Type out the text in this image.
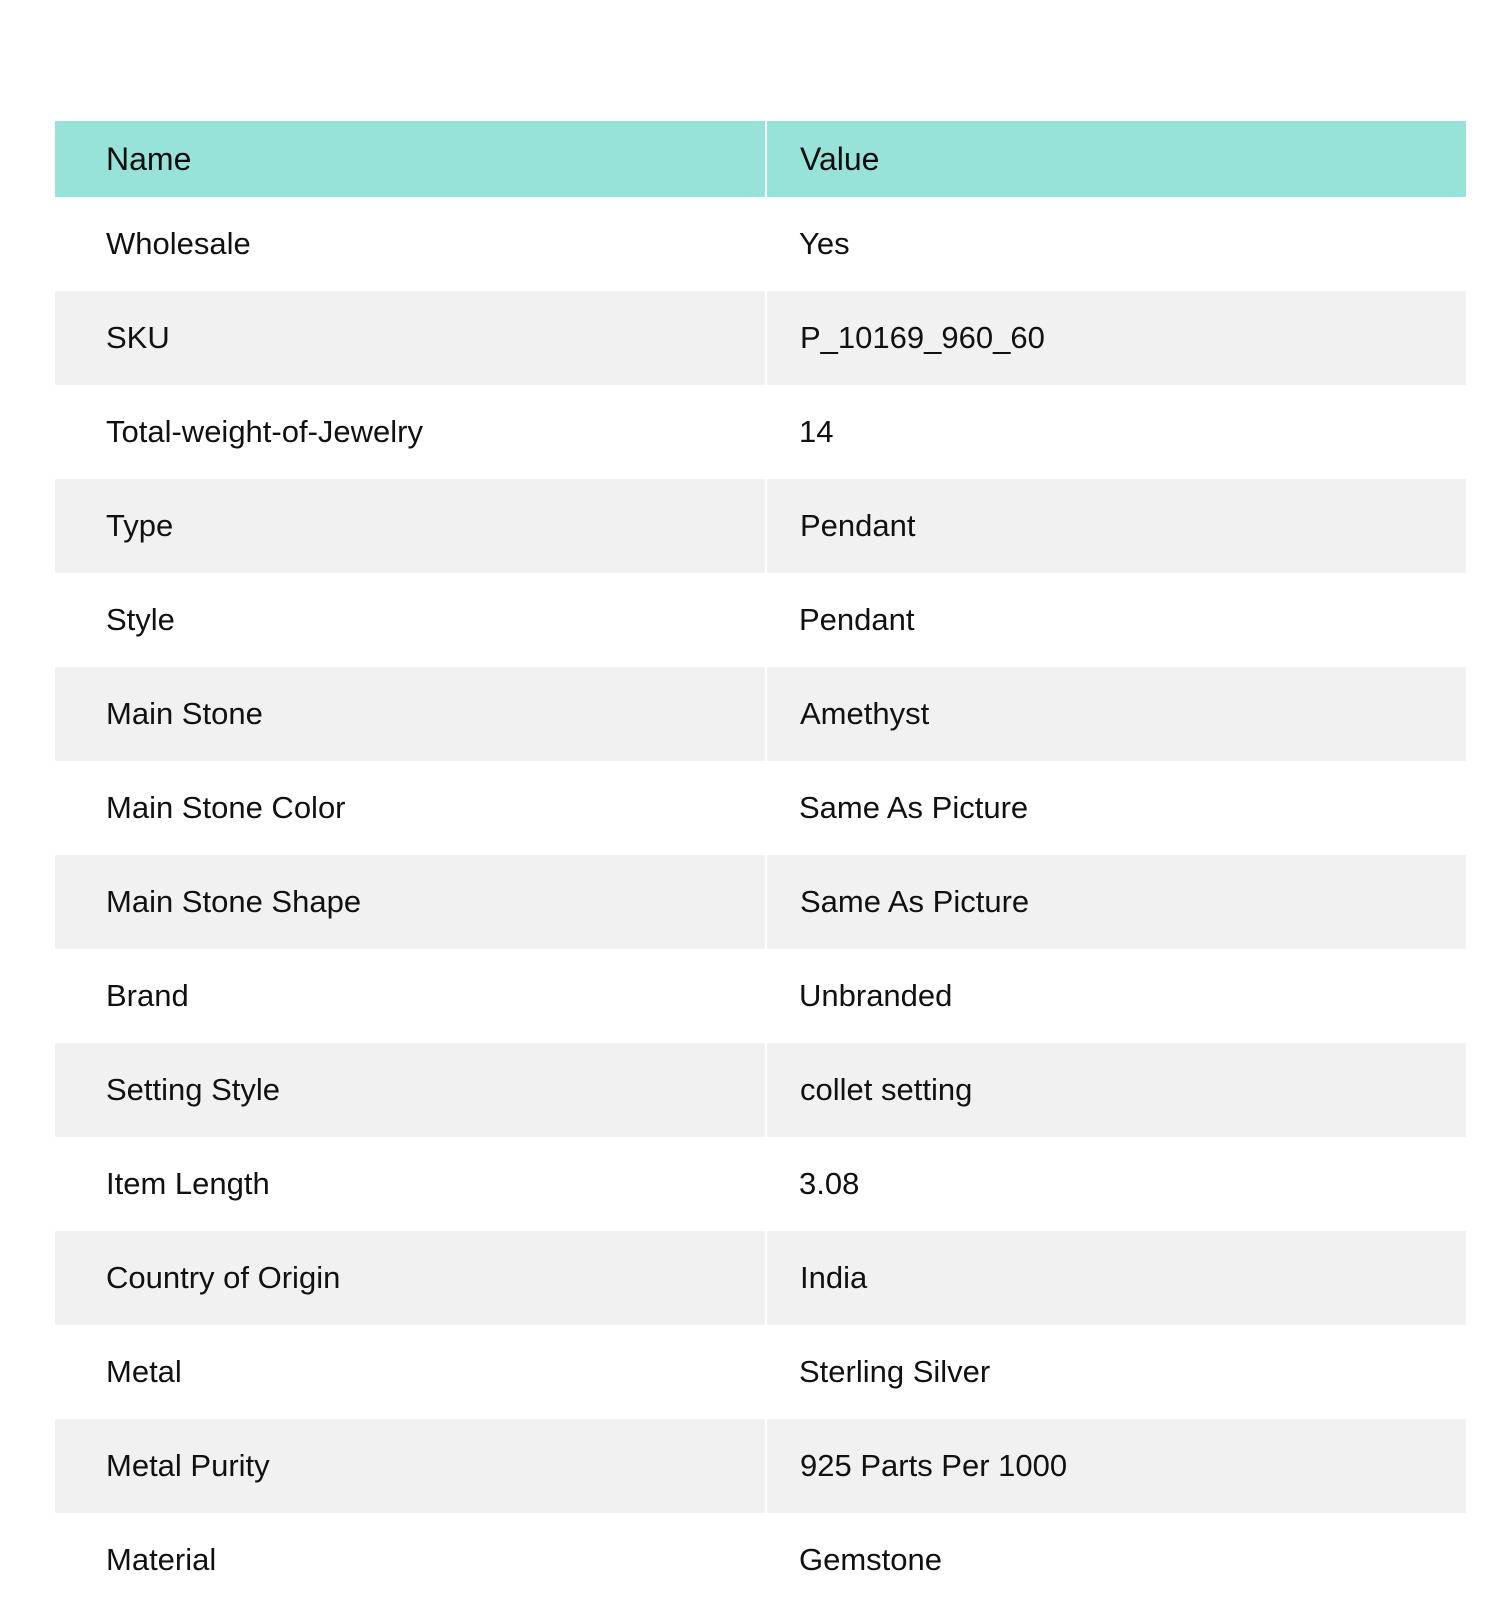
Name	Value
Wholesale	Yes
SKU	P_10169_960_60
Total-weight-of-Jewelry	14
Type	Pendant
Style	Pendant
Main Stone	Amethyst
Main Stone Color	Same As Picture
Main Stone Shape	Same As Picture
Brand	Unbranded
Setting Style	collet setting
Item Length	3.08
Country of Origin	India
Metal	Sterling Silver
Metal Purity	925 Parts Per 1000
Material	Gemstone
